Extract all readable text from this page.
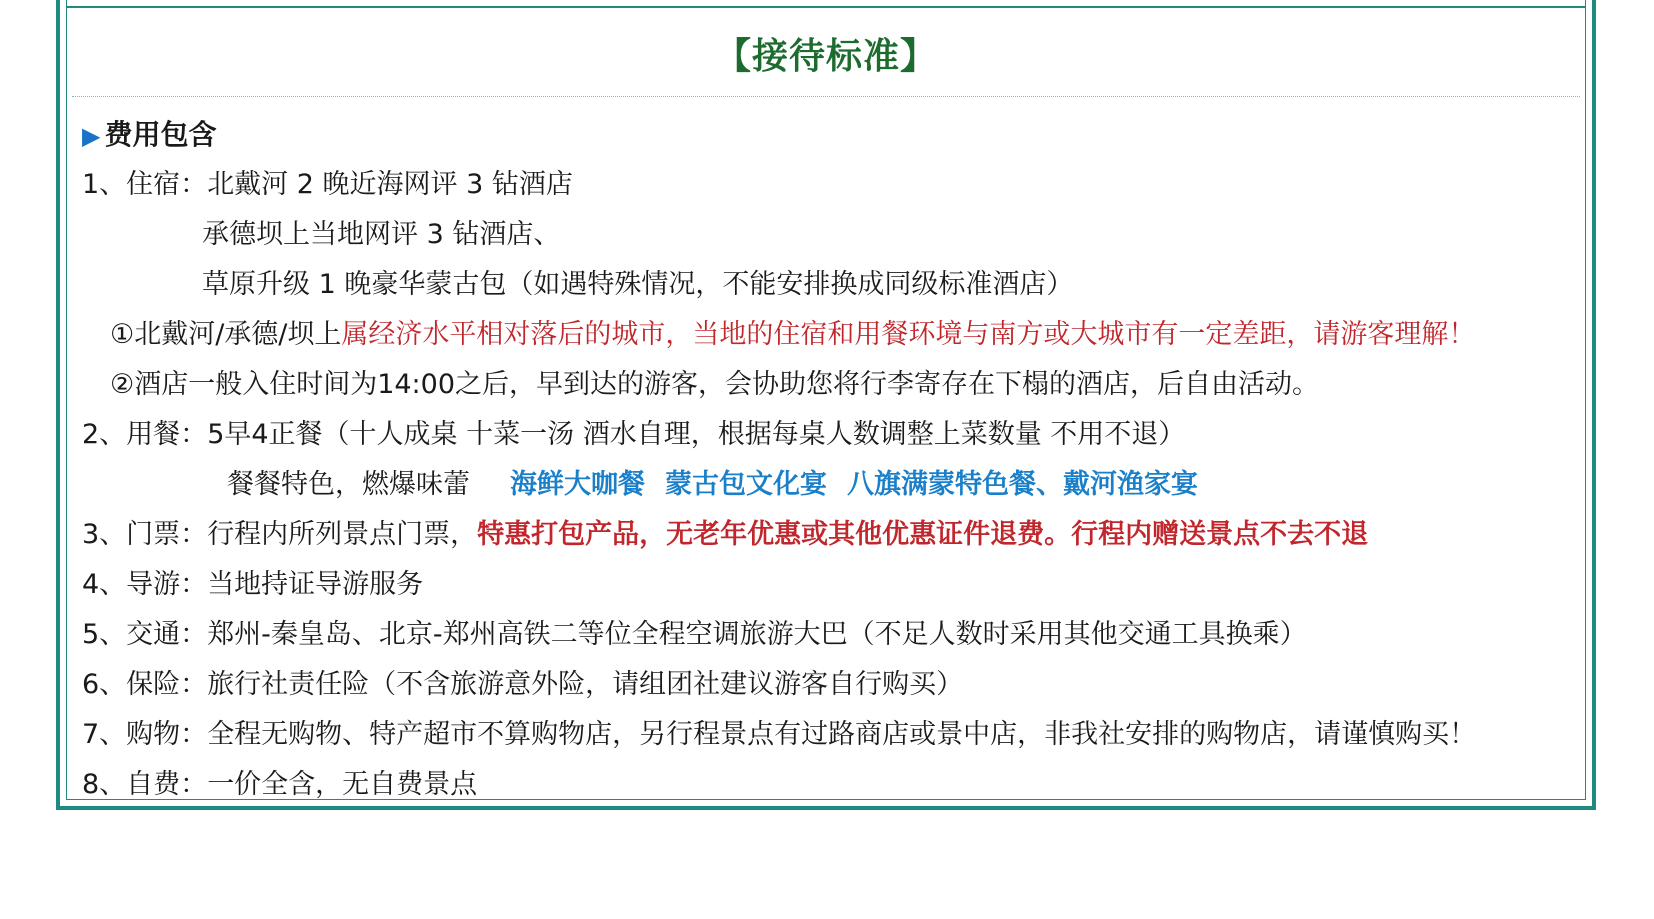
【接待标准】
▶ 费用包含
1、住宿：北戴河 2 晚近海网评 3 钻酒店
承德坝上当地网评 3 钻酒店、
草原升级 1 晚豪华蒙古包（如遇特殊情况，不能安排换成同级标准酒店）
①北戴河/承德/坝上属经济水平相对落后的城市，当地的住宿和用餐环境与南方或大城市有一定差距，请游客理解！
②酒店一般入住时间为14:00之后，早到达的游客，会协助您将行李寄存在下榻的酒店，后自由活动。
2、用餐：5早4正餐（十人成桌 十菜一汤 酒水自理，根据每桌人数调整上菜数量 不用不退）
餐餐特色，燃爆味蕾 海鲜大咖餐 蒙古包文化宴 八旗满蒙特色餐、戴河渔家宴
3、门票：行程内所列景点门票，特惠打包产品，无老年优惠或其他优惠证件退费。行程内赠送景点不去不退
4、导游：当地持证导游服务
5、交通：郑州-秦皇岛、北京-郑州高铁二等位全程空调旅游大巴（不足人数时采用其他交通工具换乘）
6、保险：旅行社责任险（不含旅游意外险，请组团社建议游客自行购买）
7、购物：全程无购物、特产超市不算购物店，另行程景点有过路商店或景中店，非我社安排的购物店，请谨慎购买！
8、自费：一价全含，无自费景点
